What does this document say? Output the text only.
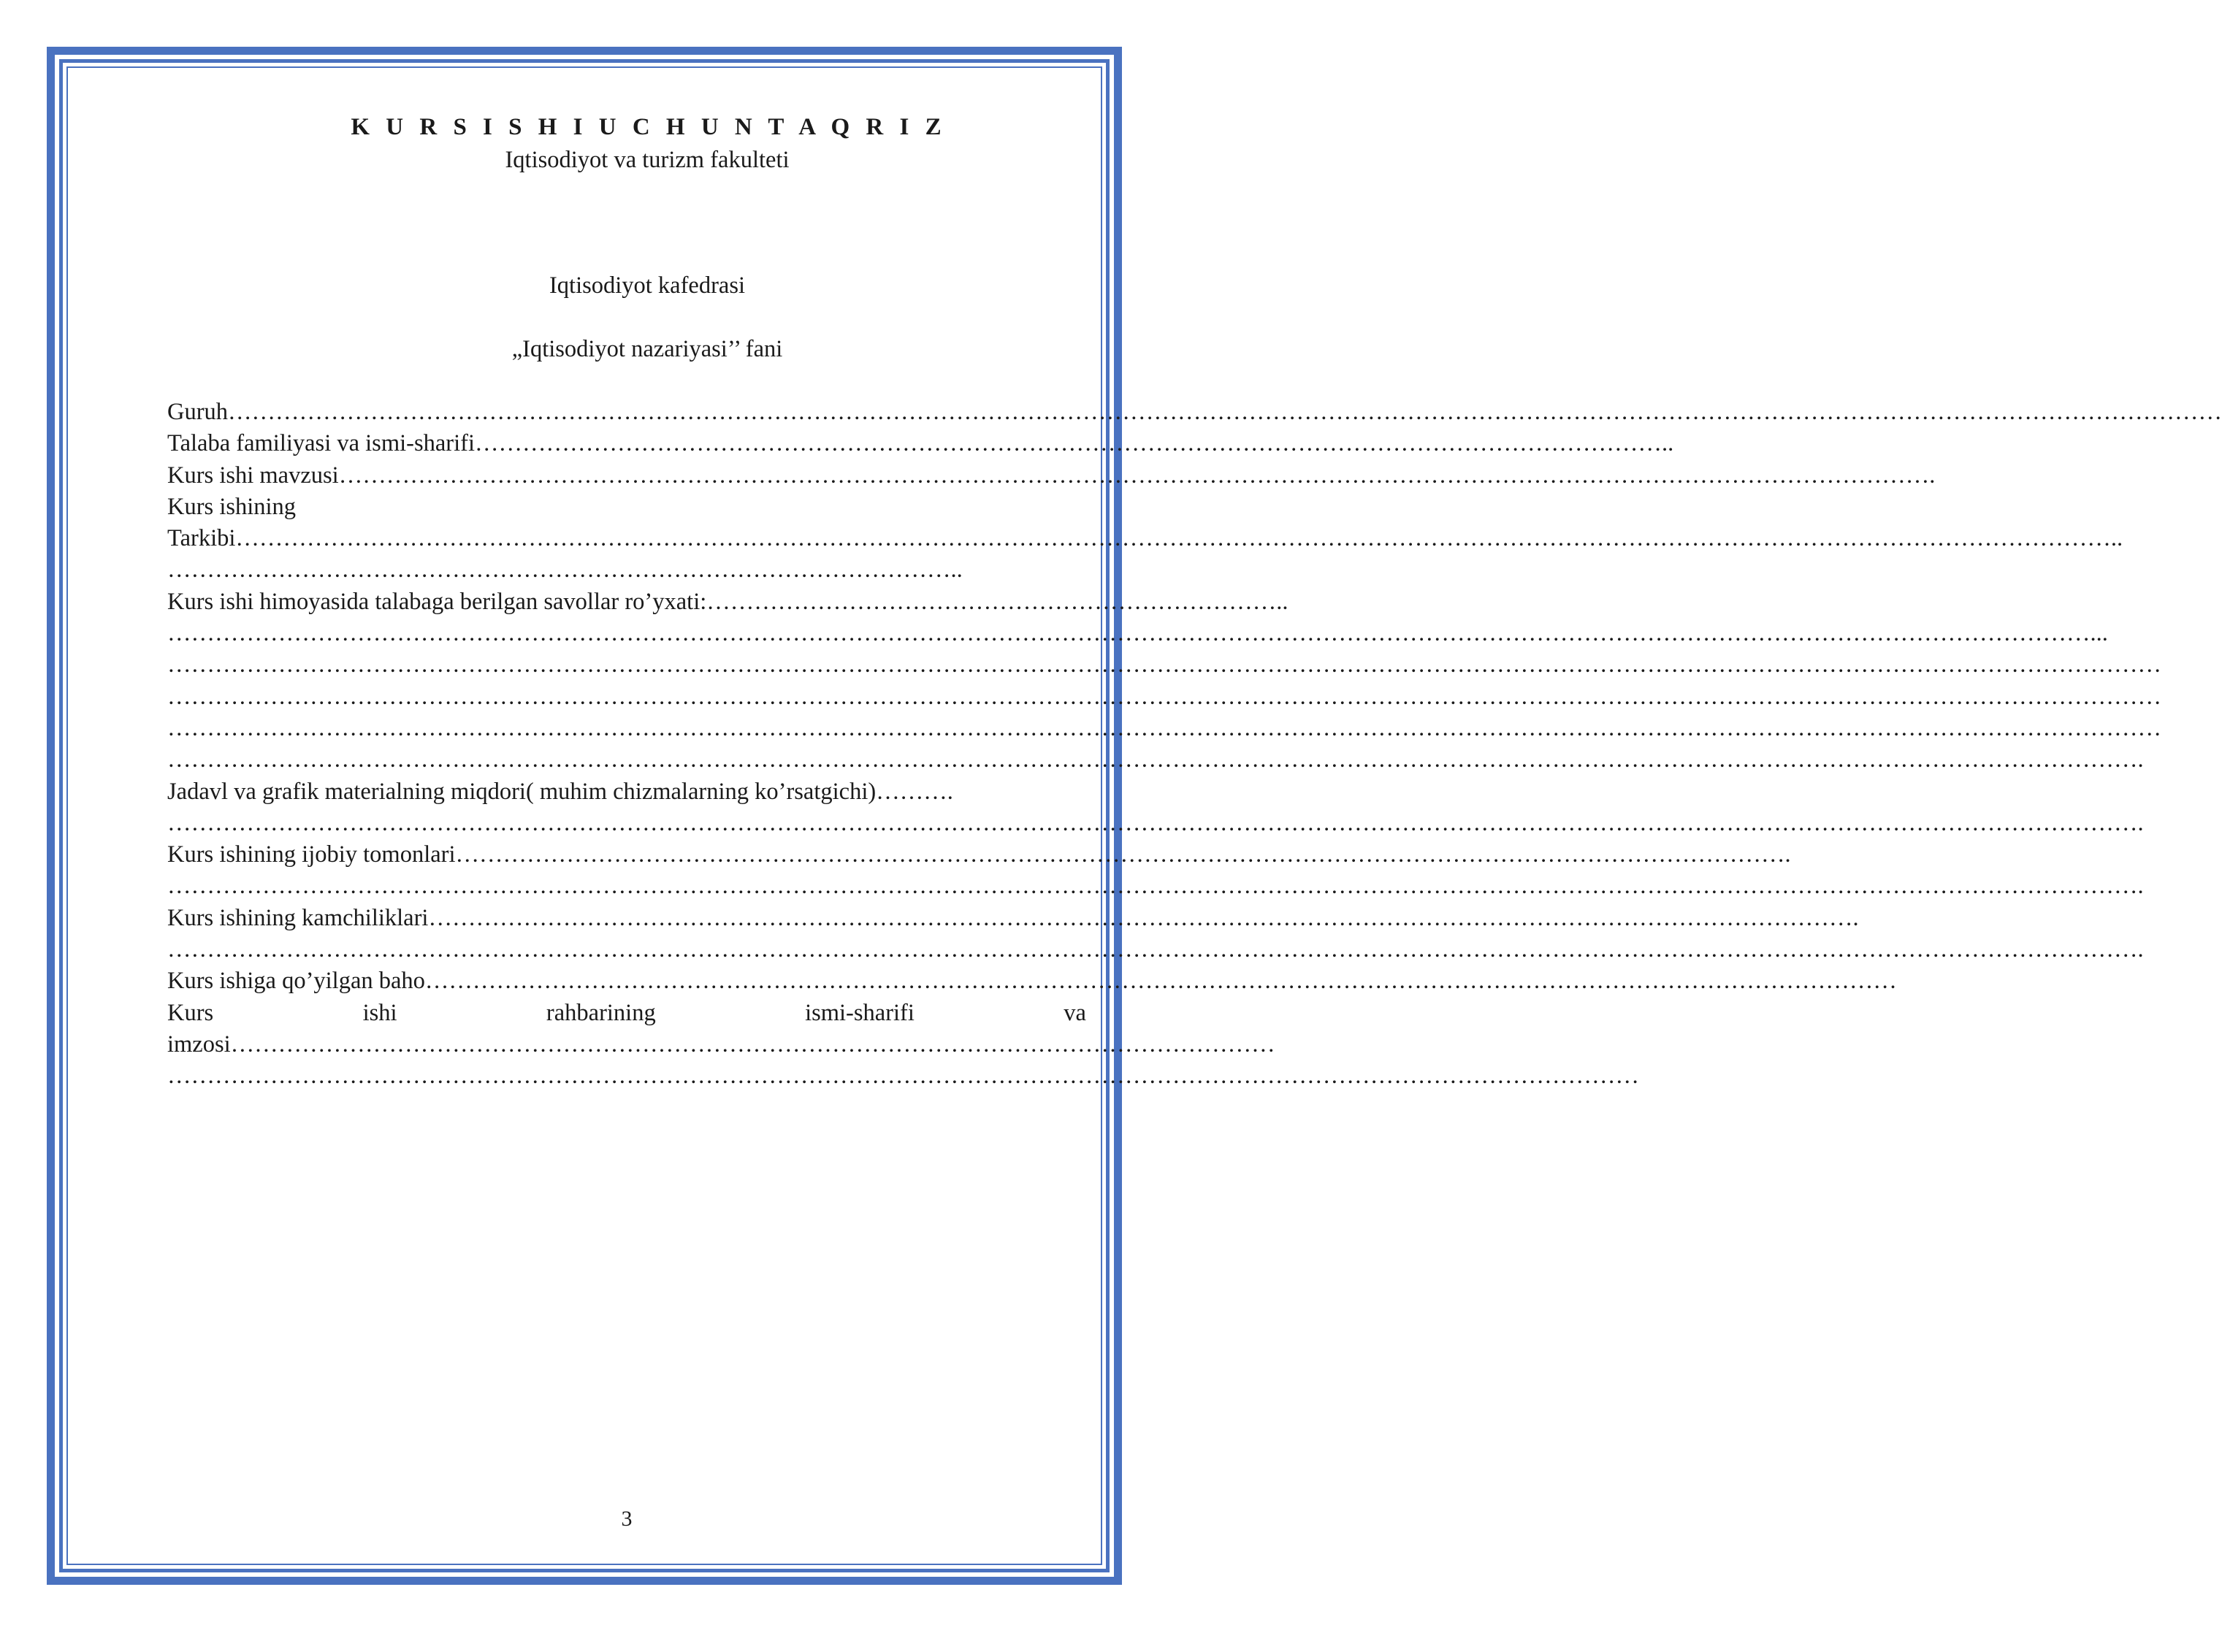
K U R S I S H I U C H U N T A Q R I Z

Iqtisodiyot va turizm fakulteti

Iqtisodiyot kafedrasi

„Iqtisodiyot nazariyasi’’ fani

Guruh………………………………………………………………………………………………………………………………………………………………………………………………………………………………
Talaba familiyasi va ismi-sharifi……………………………………………………………………………………………………………………………………..
Kurs ishi mavzusi………………………………………………………………………………………………………………………………………………………………………………….
Kurs ishining
Tarkibi…………………………………………………………………………………………………………………………………………………………………………………………………………………..
………………………………………………………………………………………..
Kurs ishi himoyasida talabaga berilgan savollar ro’yxati:………………………………………………………………..
………………………………………………………………………………………………………………………………………………………………………………………………………………………...
………………………………………………………………………………………………………………………………………………………………………………………………………………………………
………………………………………………………………………………………………………………………………………………………………………………………………………………………………
………………………………………………………………………………………………………………………………………………………………………………………………………………………………
…………………………………………………………………………………………………………………………………………………………………………………………………………………………….
Jadavl va grafik materialning miqdori( muhim chizmalarning ko’rsatgichi)……….
…………………………………………………………………………………………………………………………………………………………………………………………………………………………….
Kurs ishining ijobiy tomonlari…………………………………………………………………………………………………………………………………………………….
…………………………………………………………………………………………………………………………………………………………………………………………………………………………….
Kurs ishining kamchiliklari……………………………………………………………………………………………………………………………………………………………….
…………………………………………………………………………………………………………………………………………………………………………………………………………………………….
Kurs ishiga qo’yilgan baho……………………………………………………………………………………………………………………………………………………………………
Kurs	ishi	rahbarining	ismi-sharifi	va
imzosi……………………………………………………………………………………………………………………
……………………………………………………………………………………………………………………………………………………………………
3
